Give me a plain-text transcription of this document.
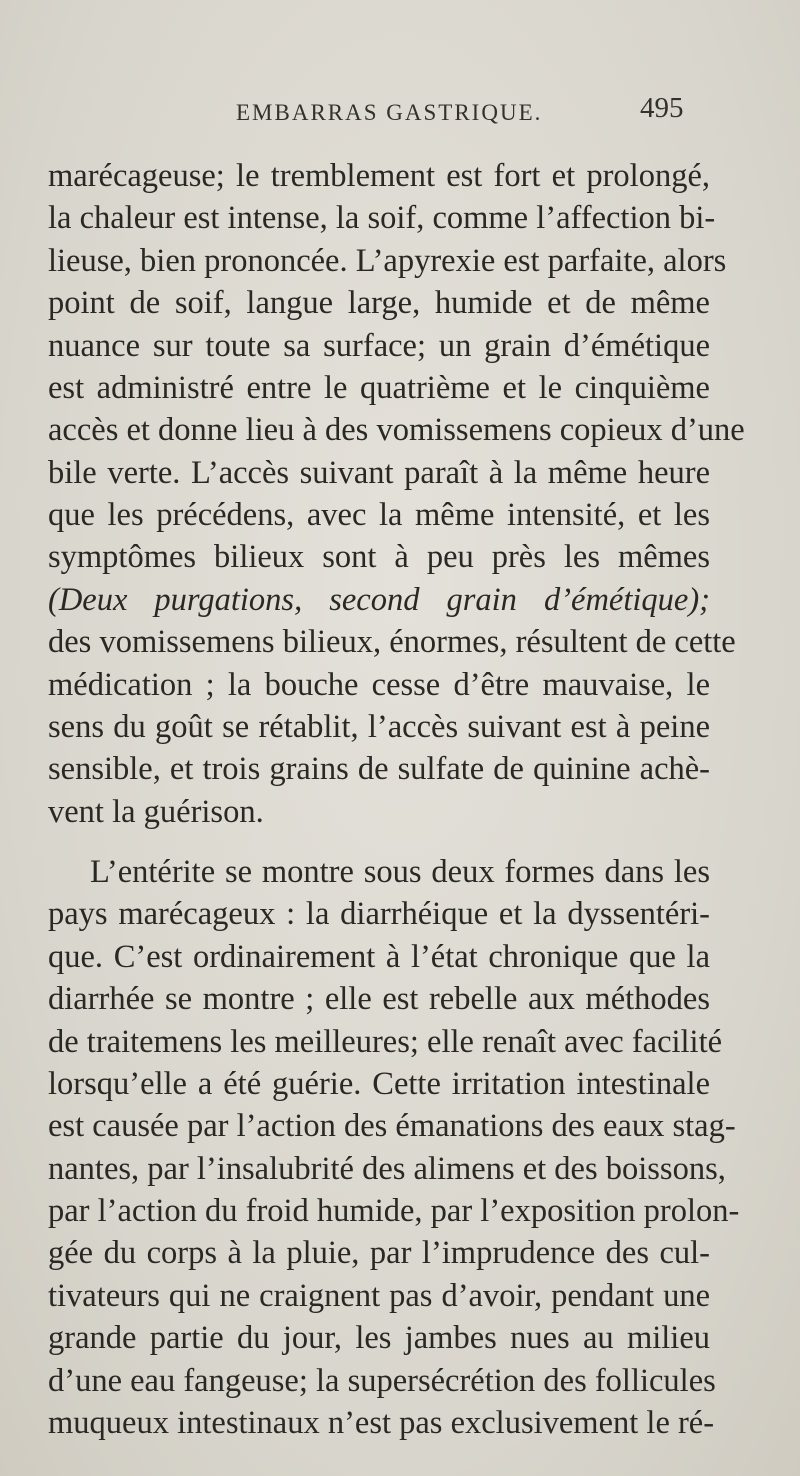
EMBARRAS GASTRIQUE.	495
marécageuse; le tremblement est fort et prolongé,
la chaleur est intense, la soif, comme l’affection bi-
lieuse, bien prononcée. L’apyrexie est parfaite, alors
point de soif, langue large, humide et de même
nuance sur toute sa surface; un grain d’émétique
est administré entre le quatrième et le cinquième
accès et donne lieu à des vomissemens copieux d’une
bile verte. L’accès suivant paraît à la même heure
que les précédens, avec la même intensité, et les
symptômes bilieux sont à peu près les mêmes
(Deux purgations, second grain d’émétique);
des vomissemens bilieux, énormes, résultent de cette
médication ; la bouche cesse d’être mauvaise, le
sens du goût se rétablit, l’accès suivant est à peine
sensible, et trois grains de sulfate de quinine achè-
vent la guérison.
L’entérite se montre sous deux formes dans les
pays marécageux : la diarrhéique et la dyssentéri-
que. C’est ordinairement à l’état chronique que la
diarrhée se montre ; elle est rebelle aux méthodes
de traitemens les meilleures; elle renaît avec facilité
lorsqu’elle a été guérie. Cette irritation intestinale
est causée par l’action des émanations des eaux stag-
nantes, par l’insalubrité des alimens et des boissons,
par l’action du froid humide, par l’exposition prolon-
gée du corps à la pluie, par l’imprudence des cul-
tivateurs qui ne craignent pas d’avoir, pendant une
grande partie du jour, les jambes nues au milieu
d’une eau fangeuse; la supersécrétion des follicules
muqueux intestinaux n’est pas exclusivement le ré-
